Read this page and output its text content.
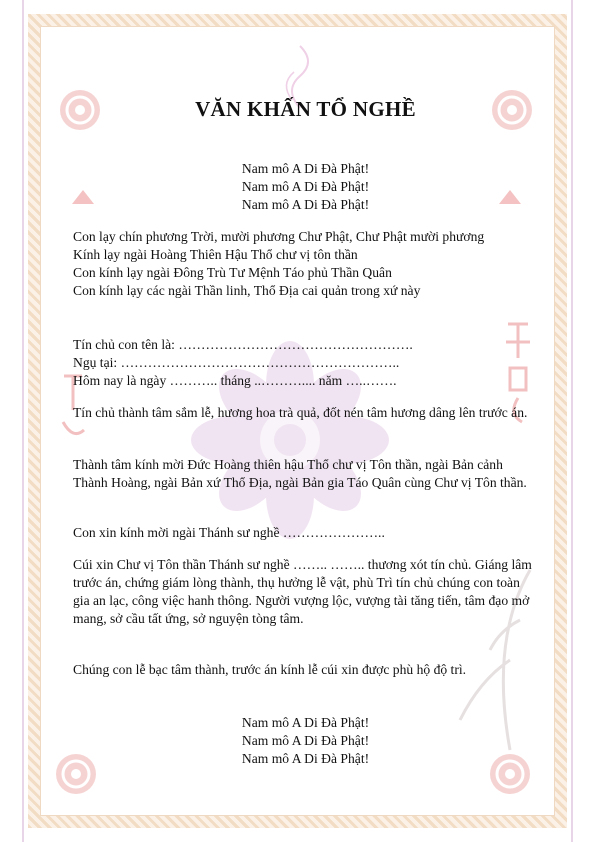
VĂN KHẤN TỔ NGHỀ
Nam mô A Di Đà Phật!
Nam mô A Di Đà Phật!
Nam mô A Di Đà Phật!

Con lạy chín phương Trời, mười phương Chư Phật, Chư Phật mười phương
Kính lạy ngài Hoàng Thiên Hậu Thổ chư vị tôn thần
Con kính lạy ngài Đông Trù Tư Mệnh Táo phủ Thần Quân
Con kính lạy các ngài Thần linh, Thổ Địa cai quản trong xứ này

Tín chủ con tên là: …………………………………………….
Ngụ tại: ……………………………………………………..
Hôm nay là ngày ……….. tháng ..……….... năm …..…….

Tín chủ thành tâm sắm lễ, hương hoa trà quả, đốt nén tâm hương dâng lên trước án.

Thành tâm kính mời Đức Hoàng thiên hậu Thổ chư vị Tôn thần, ngài Bản cảnh Thành Hoàng, ngài Bản xứ Thổ Địa, ngài Bản gia Táo Quân cùng Chư vị Tôn thần.

Con xin kính mời ngài Thánh sư nghề …………………..

Cúi xin Chư vị Tôn thần Thánh sư nghề …….. …….. thương xót tín chủ. Giáng lâm trước án, chứng giám lòng thành, thụ hưởng lễ vật, phù Trì tín chủ chúng con toàn gia an lạc, công việc hanh thông. Người vượng lộc, vượng tài tăng tiến, tâm đạo mở mang, sở cầu tất ứng, sở nguyện tòng tâm.

Chúng con lễ bạc tâm thành, trước án kính lễ cúi xin được phù hộ độ trì.

Nam mô A Di Đà Phật!
Nam mô A Di Đà Phật!
Nam mô A Di Đà Phật!
